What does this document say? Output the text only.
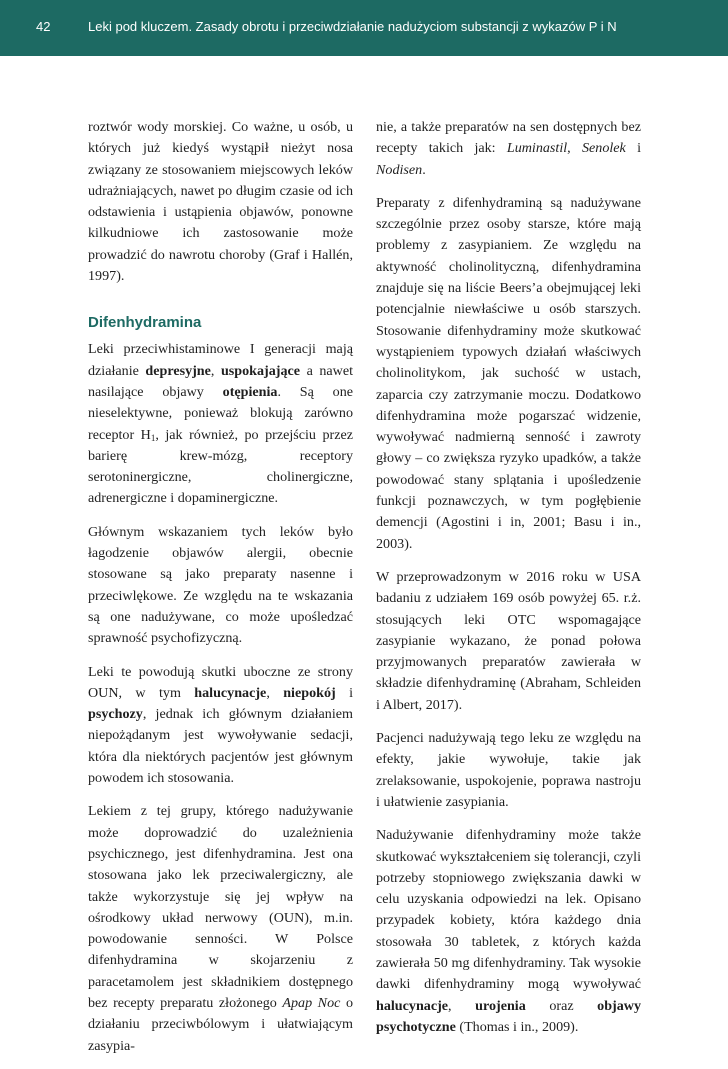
42	Leki pod kluczem. Zasady obrotu i przeciwdziałanie nadużyciom substancji z wykazów P i N

roztwór wody morskiej. Co ważne, u osób, u których już kiedyś wystąpił nieżyt nosa związany ze stosowaniem miejscowych leków udrażniających, nawet po długim czasie od ich odstawienia i ustąpienia objawów, ponowne kilkudniowe ich zastosowanie może prowadzić do nawrotu choroby (Graf i Hallén, 1997).

Difenhydramina

Leki przeciwhistaminowe I generacji mają działanie depresyjne, uspokajające a nawet nasilające objawy otępienia. Są one nieselektywne, ponieważ blokują zarówno receptor $H_1$, jak również, po przejściu przez barierę krew-mózg, receptory serotoninergiczne, cholinergiczne, adrenergiczne i dopaminergiczne.

Głównym wskazaniem tych leków było łagodzenie objawów alergii, obecnie stosowane są jako preparaty nasenne i przeciwlękowe. Ze względu na te wskazania są one nadużywane, co może upośledzać sprawność psychofizyczną.

Leki te powodują skutki uboczne ze strony OUN, w tym halucynacje, niepokój i psychozy, jednak ich głównym działaniem niepożądanym jest wywoływanie sedacji, która dla niektórych pacjentów jest głównym powodem ich stosowania.

Lekiem z tej grupy, którego nadużywanie może doprowadzić do uzależnienia psychicznego, jest difenhydramina. Jest ona stosowana jako lek przeciwalergiczny, ale także wykorzystuje się jej wpływ na ośrodkowy układ nerwowy (OUN), m.in. powodowanie senności. W Polsce difenhydramina w skojarzeniu z paracetamolem jest składnikiem dostępnego bez recepty preparatu złożonego Apap Noc o działaniu przeciwbólowym i ułatwiającym zasypia-

nie, a także preparatów na sen dostępnych bez recepty takich jak: Luminastil, Senolek i Nodisen.

Preparaty z difenhydraminą są nadużywane szczególnie przez osoby starsze, które mają problemy z zasypianiem. Ze względu na aktywność cholinolityczną, difenhydramina znajduje się na liście Beers’a obejmującej leki potencjalnie niewłaściwe u osób starszych. Stosowanie difenhydraminy może skutkować wystąpieniem typowych działań właściwych cholinolitykom, jak suchość w ustach, zaparcia czy zatrzymanie moczu. Dodatkowo difenhydramina może pogarszać widzenie, wywoływać nadmierną senność i zawroty głowy – co zwiększa ryzyko upadków, a także powodować stany splątania i upośledzenie funkcji poznawczych, w tym pogłębienie demencji (Agostini i in, 2001; Basu i in., 2003).

W przeprowadzonym w 2016 roku w USA badaniu z udziałem 169 osób powyżej 65. r.ż. stosujących leki OTC wspomagające zasypianie wykazano, że ponad połowa przyjmowanych preparatów zawierała w składzie difenhydraminę (Abraham, Schleiden i Albert, 2017).

Pacjenci nadużywają tego leku ze względu na efekty, jakie wywołuje, takie jak zrelaksowanie, uspokojenie, poprawa nastroju i ułatwienie zasypiania.

Nadużywanie difenhydraminy może także skutkować wykształceniem się tolerancji, czyli potrzeby stopniowego zwiększania dawki w celu uzyskania odpowiedzi na lek. Opisano przypadek kobiety, która każdego dnia stosowała 30 tabletek, z których każda zawierała 50 mg difenhydraminy. Tak wysokie dawki difenhydraminy mogą wywoływać halucynacje, urojenia oraz objawy psychotyczne (Thomas i in., 2009).
